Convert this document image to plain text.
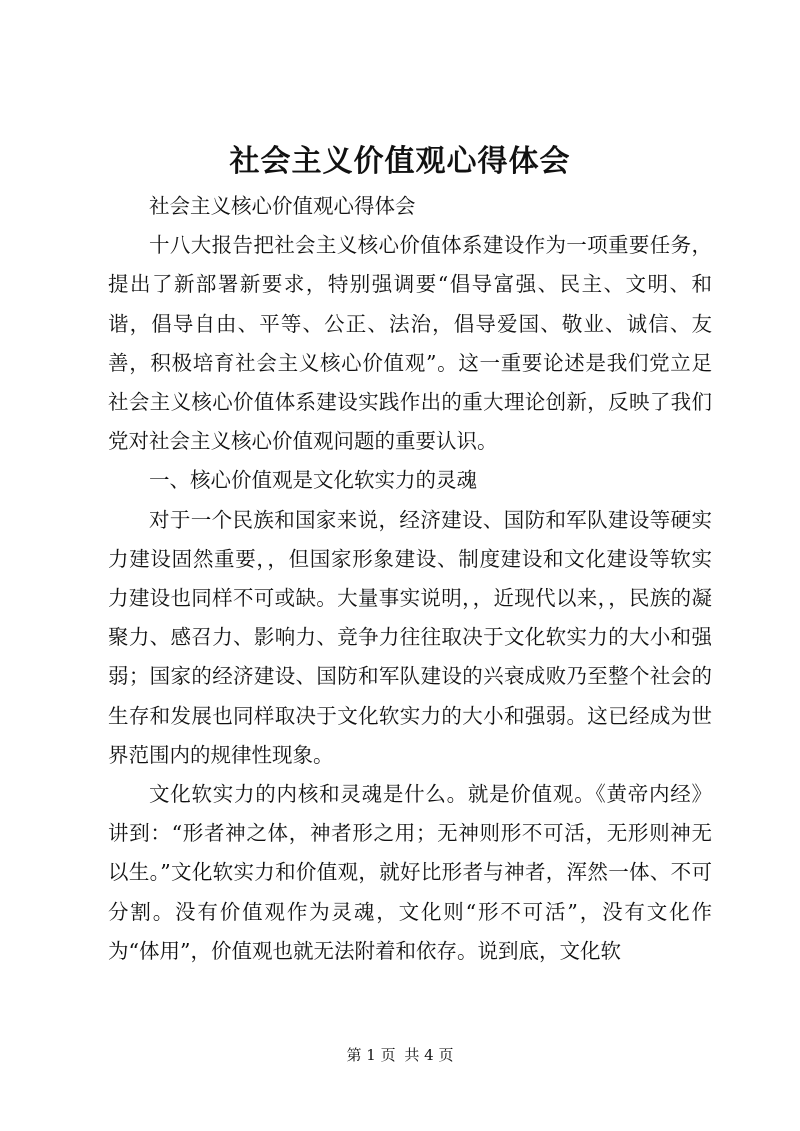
社会主义价值观心得体会

社会主义核心价值观心得体会

十八大报告把社会主义核心价值体系建设作为一项重要任务，提出了新部署新要求，特别强调要“倡导富强、民主、文明、和谐，倡导自由、平等、公正、法治，倡导爱国、敬业、诚信、友善，积极培育社会主义核心价值观”。这一重要论述是我们党立足社会主义核心价值体系建设实践作出的重大理论创新，反映了我们党对社会主义核心价值观问题的重要认识。

一、核心价值观是文化软实力的灵魂

对于一个民族和国家来说，经济建设、国防和军队建设等硬实力建设固然重要，，但国家形象建设、制度建设和文化建设等软实力建设也同样不可或缺。大量事实说明，，近现代以来，，民族的凝聚力、感召力、影响力、竞争力往往取决于文化软实力的大小和强弱；国家的经济建设、国防和军队建设的兴衰成败乃至整个社会的生存和发展也同样取决于文化软实力的大小和强弱。这已经成为世界范围内的规律性现象。

文化软实力的内核和灵魂是什么。就是价值观。《黄帝内经》讲到：“形者神之体，神者形之用；无神则形不可活，无形则神无以生。”文化软实力和价值观，就好比形者与神者，浑然一体、不可分割。没有价值观作为灵魂，文化则“形不可活”，没有文化作为“体用”，价值观也就无法附着和依存。说到底，文化软

第 1 页 共 4 页
